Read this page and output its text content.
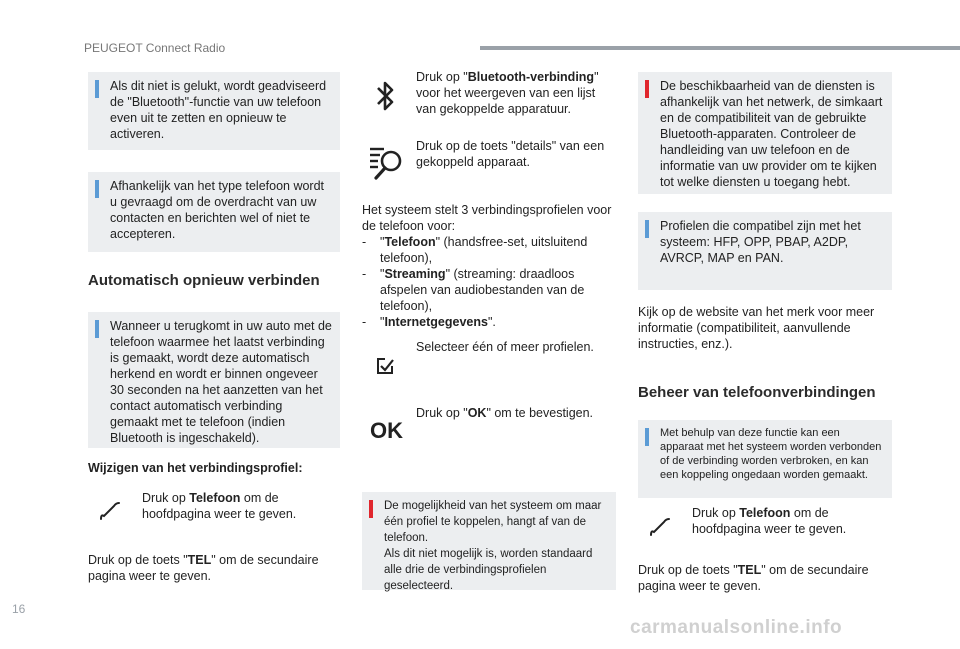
PEUGEOT Connect Radio
Als dit niet is gelukt, wordt geadviseerd de "Bluetooth"-functie van uw telefoon even uit te zetten en opnieuw te activeren.
Afhankelijk van het type telefoon wordt u gevraagd om de overdracht van uw contacten en berichten wel of niet te accepteren.
Automatisch opnieuw verbinden
Wanneer u terugkomt in uw auto met de telefoon waarmee het laatst verbinding is gemaakt, wordt deze automatisch herkend en wordt er binnen ongeveer 30 seconden na het aanzetten van het contact automatisch verbinding gemaakt met te telefoon (indien Bluetooth is ingeschakeld).
Wijzigen van het verbindingsprofiel:
Druk op Telefoon om de hoofdpagina weer te geven.
Druk op de toets "TEL" om de secundaire pagina weer te geven.
Druk op "Bluetooth-verbinding" voor het weergeven van een lijst van gekoppelde apparatuur.
Druk op de toets "details" van een gekoppeld apparaat.
Het systeem stelt 3 verbindingsprofielen voor de telefoon voor:
- "Telefoon" (handsfree-set, uitsluitend telefoon),
- "Streaming" (streaming: draadloos afspelen van audiobestanden van de telefoon),
- "Internetgegevens".
Selecteer één of meer profielen.
OK
Druk op "OK" om te bevestigen.
De mogelijkheid van het systeem om maar één profiel te koppelen, hangt af van de telefoon.
Als dit niet mogelijk is, worden standaard alle drie de verbindingsprofielen geselecteerd.
De beschikbaarheid van de diensten is afhankelijk van het netwerk, de simkaart en de compatibiliteit van de gebruikte Bluetooth-apparaten. Controleer de handleiding van uw telefoon en de informatie van uw provider om te kijken tot welke diensten u toegang hebt.
Profielen die compatibel zijn met het systeem: HFP, OPP, PBAP, A2DP, AVRCP, MAP en PAN.
Kijk op de website van het merk voor meer informatie (compatibiliteit, aanvullende instructies, enz.).
Beheer van telefoonverbindingen
Met behulp van deze functie kan een apparaat met het systeem worden verbonden of de verbinding worden verbroken, en kan een koppeling ongedaan worden gemaakt.
Druk op Telefoon om de hoofdpagina weer te geven.
Druk op de toets "TEL" om de secundaire pagina weer te geven.
16
carmanualsonline.info
